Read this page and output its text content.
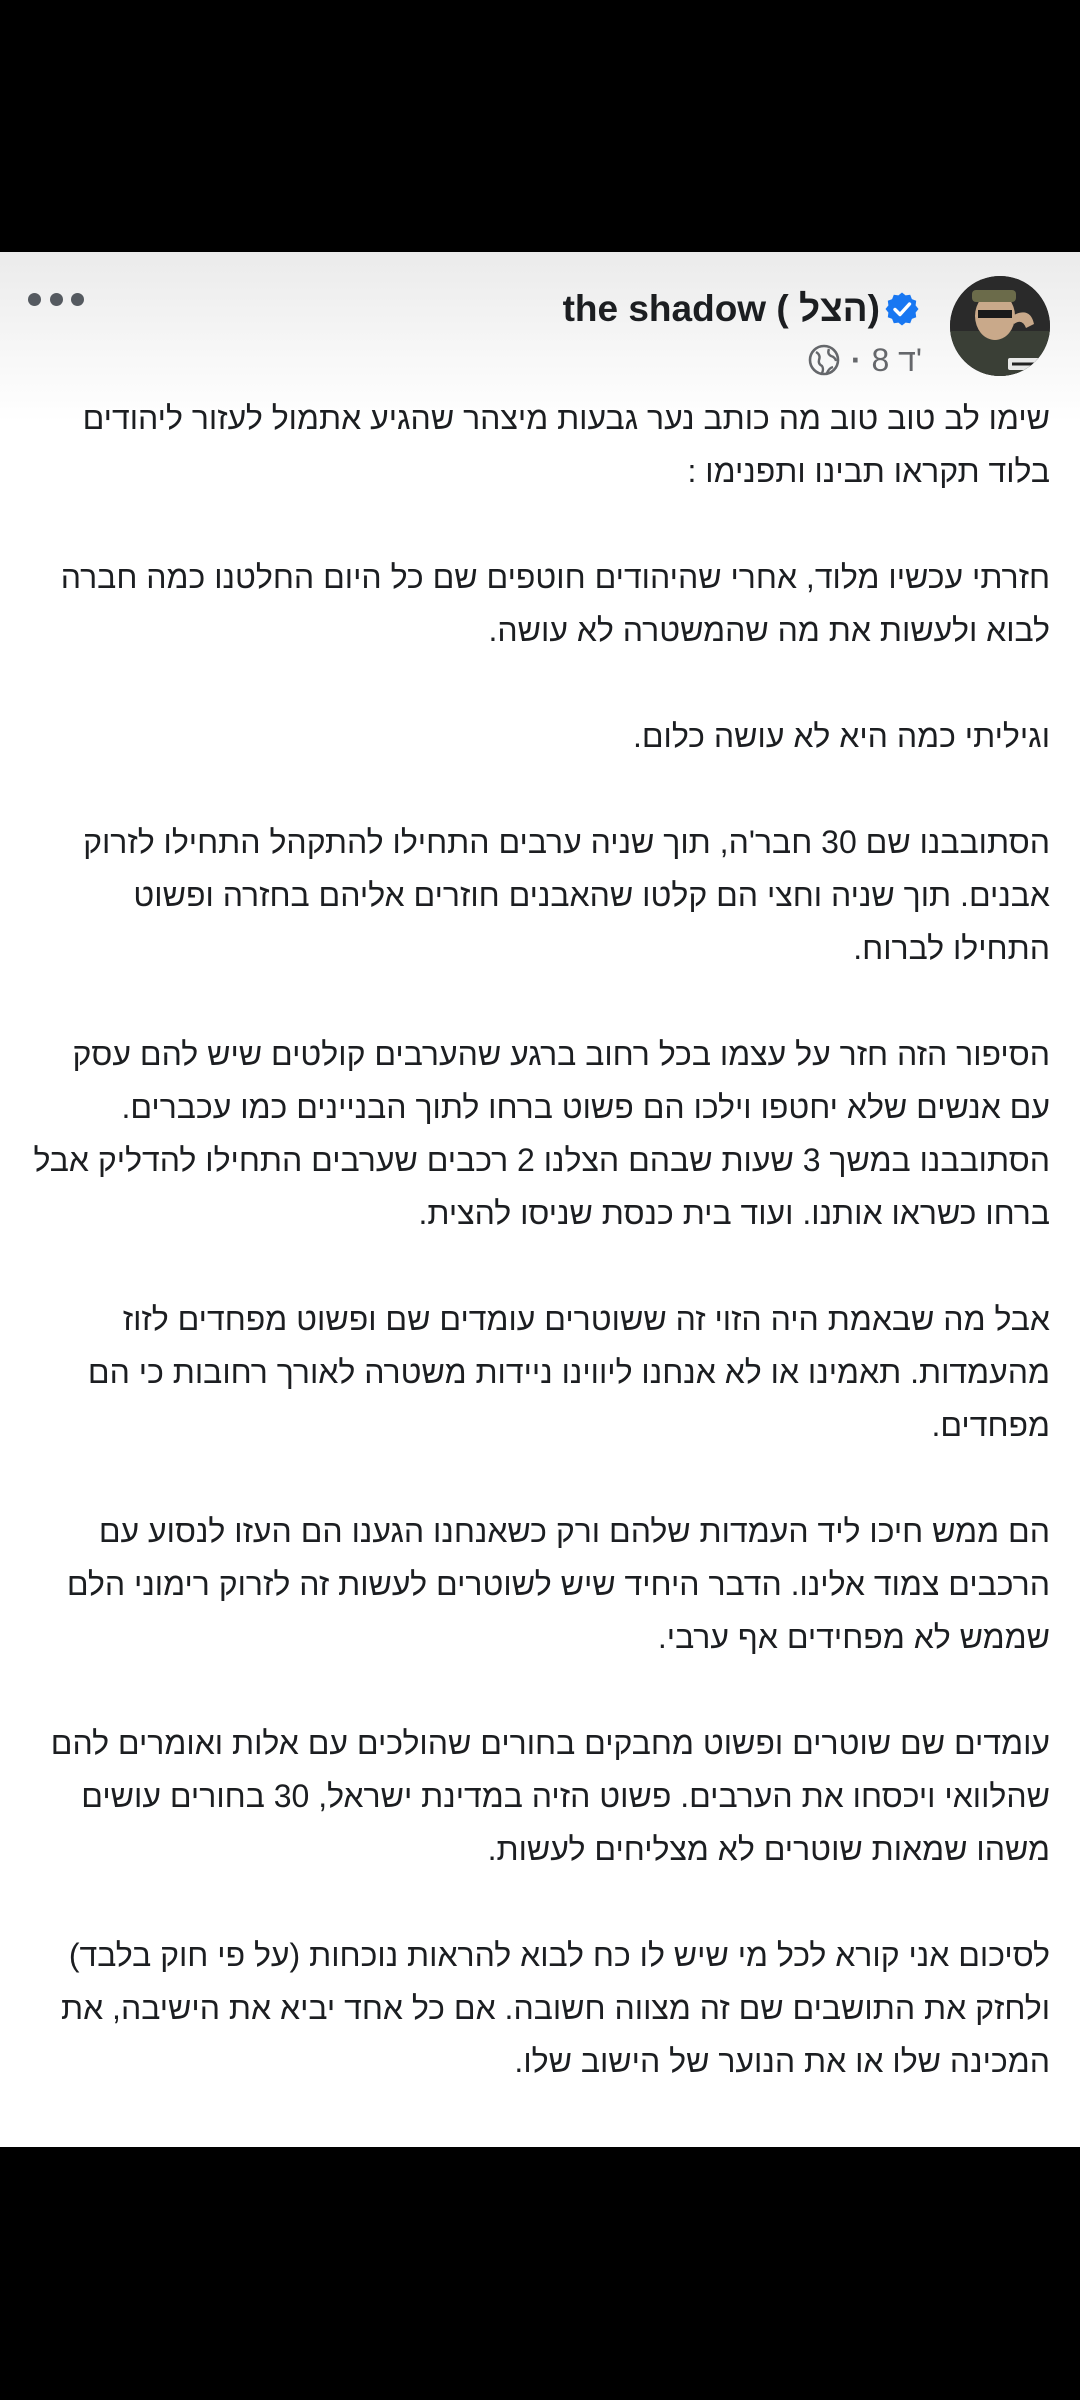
the shadow ( הצל)
· 8 ד'

שימו לב טוב טוב מה כותב נער גבעות מיצהר שהגיע אתמול לעזור ליהודים בלוד תקראו תבינו ותפנימו :

חזרתי עכשיו מלוד, אחרי שהיהודים חוטפים שם כל היום החלטנו כמה חברה לבוא ולעשות את מה שהמשטרה לא עושה.

וגיליתי כמה היא לא עושה כלום.

הסתובבנו שם 30 חבר'ה, תוך שניה ערבים התחילו להתקהל התחילו לזרוק אבנים. תוך שניה וחצי הם קלטו שהאבנים חוזרים אליהם בחזרה ופשוט התחילו לברוח.

הסיפור הזה חזר על עצמו בכל רחוב ברגע שהערבים קולטים שיש להם עסק עם אנשים שלא יחטפו וילכו הם פשוט ברחו לתוך הבניינים כמו עכברים. הסתובבנו במשך 3 שעות שבהם הצלנו 2 רכבים שערבים התחילו להדליק אבל ברחו כשראו אותנו. ועוד בית כנסת שניסו להצית.

אבל מה שבאמת היה הזוי זה ששוטרים עומדים שם ופשוט מפחדים לזוז מהעמדות. תאמינו או לא אנחנו ליווינו ניידות משטרה לאורך רחובות כי הם מפחדים.

הם ממש חיכו ליד העמדות שלהם ורק כשאנחנו הגענו הם העזו לנסוע עם הרכבים צמוד אלינו. הדבר היחיד שיש לשוטרים לעשות זה לזרוק רימוני הלם שממש לא מפחידים אף ערבי.

עומדים שם שוטרים ופשוט מחבקים בחורים שהולכים עם אלות ואומרים להם שהלוואי ויכסחו את הערבים. פשוט הזיה במדינת ישראל, 30 בחורים עושים משהו שמאות שוטרים לא מצליחים לעשות.

לסיכום אני קורא לכל מי שיש לו כח לבוא להראות נוכחות (על פי חוק בלבד) ולחזק את התושבים שם זה מצווה חשובה. אם כל אחד יביא את הישיבה, את המכינה שלו או את הנוער של הישוב שלו.
